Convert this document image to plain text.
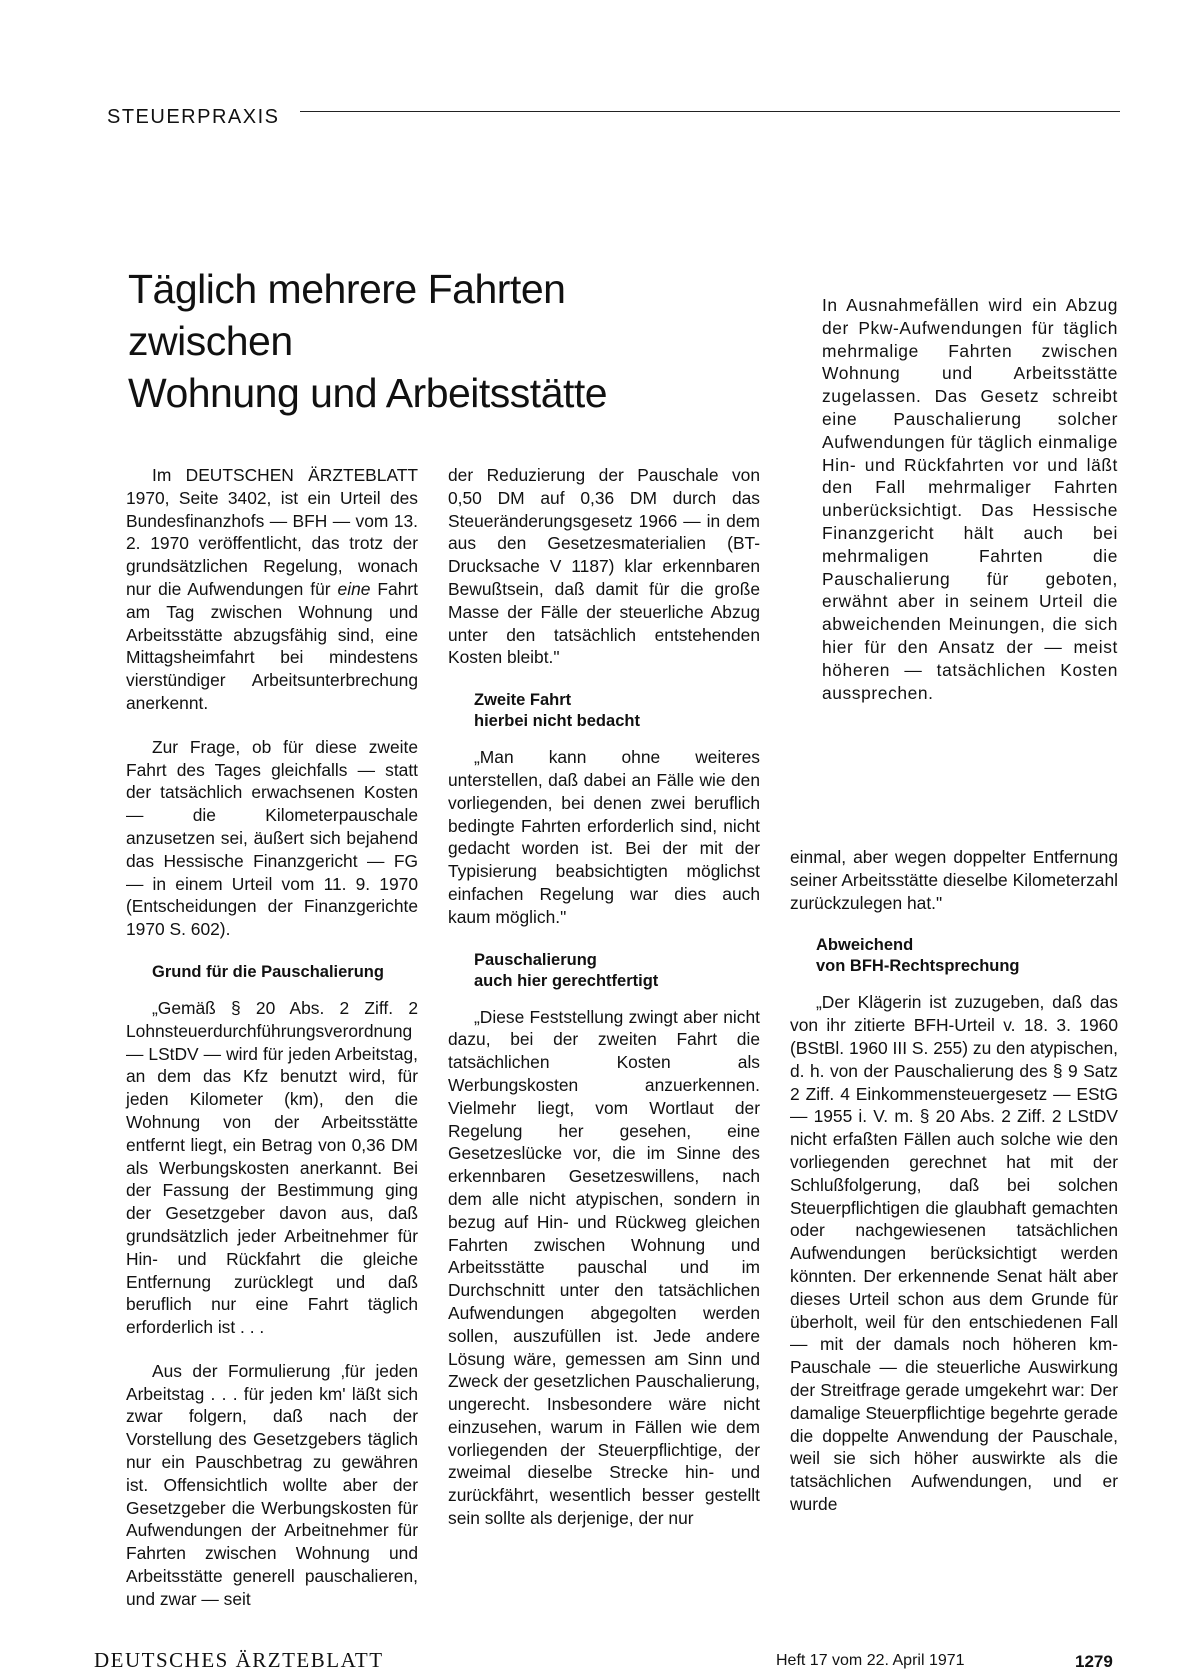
STEUERPRAXIS
Täglich mehrere Fahrten
zwischen
Wohnung und Arbeitsstätte

In Ausnahmefällen wird ein Abzug der Pkw-Aufwendungen für täglich mehrmalige Fahrten zwischen Wohnung und Arbeitsstätte zugelassen. Das Gesetz schreibt eine Pauschalierung solcher Aufwendungen für täglich einmalige Hin- und Rückfahrten vor und läßt den Fall mehrmaliger Fahrten unberücksichtigt. Das Hessische Finanzgericht hält auch bei mehrmaligen Fahrten die Pauschalierung für geboten, erwähnt aber in seinem Urteil die abweichenden Meinungen, die sich hier für den Ansatz der — meist höheren — tatsächlichen Kosten aussprechen.

Im DEUTSCHEN ÄRZTEBLATT 1970, Seite 3402, ist ein Urteil des Bundesfinanzhofs — BFH — vom 13. 2. 1970 veröffentlicht, das trotz der grundsätzlichen Regelung, wonach nur die Aufwendungen für eine Fahrt am Tag zwischen Wohnung und Arbeitsstätte abzugsfähig sind, eine Mittagsheimfahrt bei mindestens vierstündiger Arbeitsunterbrechung anerkennt.

Zur Frage, ob für diese zweite Fahrt des Tages gleichfalls — statt der tatsächlich erwachsenen Kosten — die Kilometerpauschale anzusetzen sei, äußert sich bejahend das Hessische Finanzgericht — FG — in einem Urteil vom 11. 9. 1970 (Entscheidungen der Finanzgerichte 1970 S. 602).

Grund für die Pauschalierung

„Gemäß § 20 Abs. 2 Ziff. 2 Lohnsteuerdurchführungsverordnung — LStDV — wird für jeden Arbeitstag, an dem das Kfz benutzt wird, für jeden Kilometer (km), den die Wohnung von der Arbeitsstätte entfernt liegt, ein Betrag von 0,36 DM als Werbungskosten anerkannt. Bei der Fassung der Bestimmung ging der Gesetzgeber davon aus, daß grundsätzlich jeder Arbeitnehmer für Hin- und Rückfahrt die gleiche Entfernung zurücklegt und daß beruflich nur eine Fahrt täglich erforderlich ist . . .

Aus der Formulierung ‚für jeden Arbeitstag . . . für jeden km' läßt sich zwar folgern, daß nach der Vorstellung des Gesetzgebers täglich nur ein Pauschbetrag zu gewähren ist. Offensichtlich wollte aber der Gesetzgeber die Werbungskosten für Aufwendungen der Arbeitnehmer für Fahrten zwischen Wohnung und Arbeitsstätte generell pauschalieren, und zwar — seit

der Reduzierung der Pauschale von 0,50 DM auf 0,36 DM durch das Steueränderungsgesetz 1966 — in dem aus den Gesetzesmaterialien (BT-Drucksache V 1187) klar erkennbaren Bewußtsein, daß damit für die große Masse der Fälle der steuerliche Abzug unter den tatsächlich entstehenden Kosten bleibt."

Zweite Fahrt
hierbei nicht bedacht

„Man kann ohne weiteres unterstellen, daß dabei an Fälle wie den vorliegenden, bei denen zwei beruflich bedingte Fahrten erforderlich sind, nicht gedacht worden ist. Bei der mit der Typisierung beabsichtigten möglichst einfachen Regelung war dies auch kaum möglich."

Pauschalierung
auch hier gerechtfertigt

„Diese Feststellung zwingt aber nicht dazu, bei der zweiten Fahrt die tatsächlichen Kosten als Werbungskosten anzuerkennen. Vielmehr liegt, vom Wortlaut der Regelung her gesehen, eine Gesetzeslücke vor, die im Sinne des erkennbaren Gesetzeswillens, nach dem alle nicht atypischen, sondern in bezug auf Hin- und Rückweg gleichen Fahrten zwischen Wohnung und Arbeitsstätte pauschal und im Durchschnitt unter den tatsächlichen Aufwendungen abgegolten werden sollen, auszufüllen ist. Jede andere Lösung wäre, gemessen am Sinn und Zweck der gesetzlichen Pauschalierung, ungerecht. Insbesondere wäre nicht einzusehen, warum in Fällen wie dem vorliegenden der Steuerpflichtige, der zweimal dieselbe Strecke hin- und zurückfährt, wesentlich besser gestellt sein sollte als derjenige, der nur

einmal, aber wegen doppelter Entfernung seiner Arbeitsstätte dieselbe Kilometerzahl zurückzulegen hat."

Abweichend
von BFH-Rechtsprechung

„Der Klägerin ist zuzugeben, daß das von ihr zitierte BFH-Urteil v. 18. 3. 1960 (BStBl. 1960 III S. 255) zu den atypischen, d. h. von der Pauschalierung des § 9 Satz 2 Ziff. 4 Einkommensteuergesetz — EStG — 1955 i. V. m. § 20 Abs. 2 Ziff. 2 LStDV nicht erfaßten Fällen auch solche wie den vorliegenden gerechnet hat mit der Schlußfolgerung, daß bei solchen Steuerpflichtigen die glaubhaft gemachten oder nachgewiesenen tatsächlichen Aufwendungen berücksichtigt werden könnten. Der erkennende Senat hält aber dieses Urteil schon aus dem Grunde für überholt, weil für den entschiedenen Fall — mit der damals noch höheren km-Pauschale — die steuerliche Auswirkung der Streitfrage gerade umgekehrt war: Der damalige Steuerpflichtige begehrte gerade die doppelte Anwendung der Pauschale, weil sie sich höher auswirkte als die tatsächlichen Aufwendungen, und er wurde

DEUTSCHES ÄRZTEBLATT	Heft 17 vom 22. April 1971	1279
